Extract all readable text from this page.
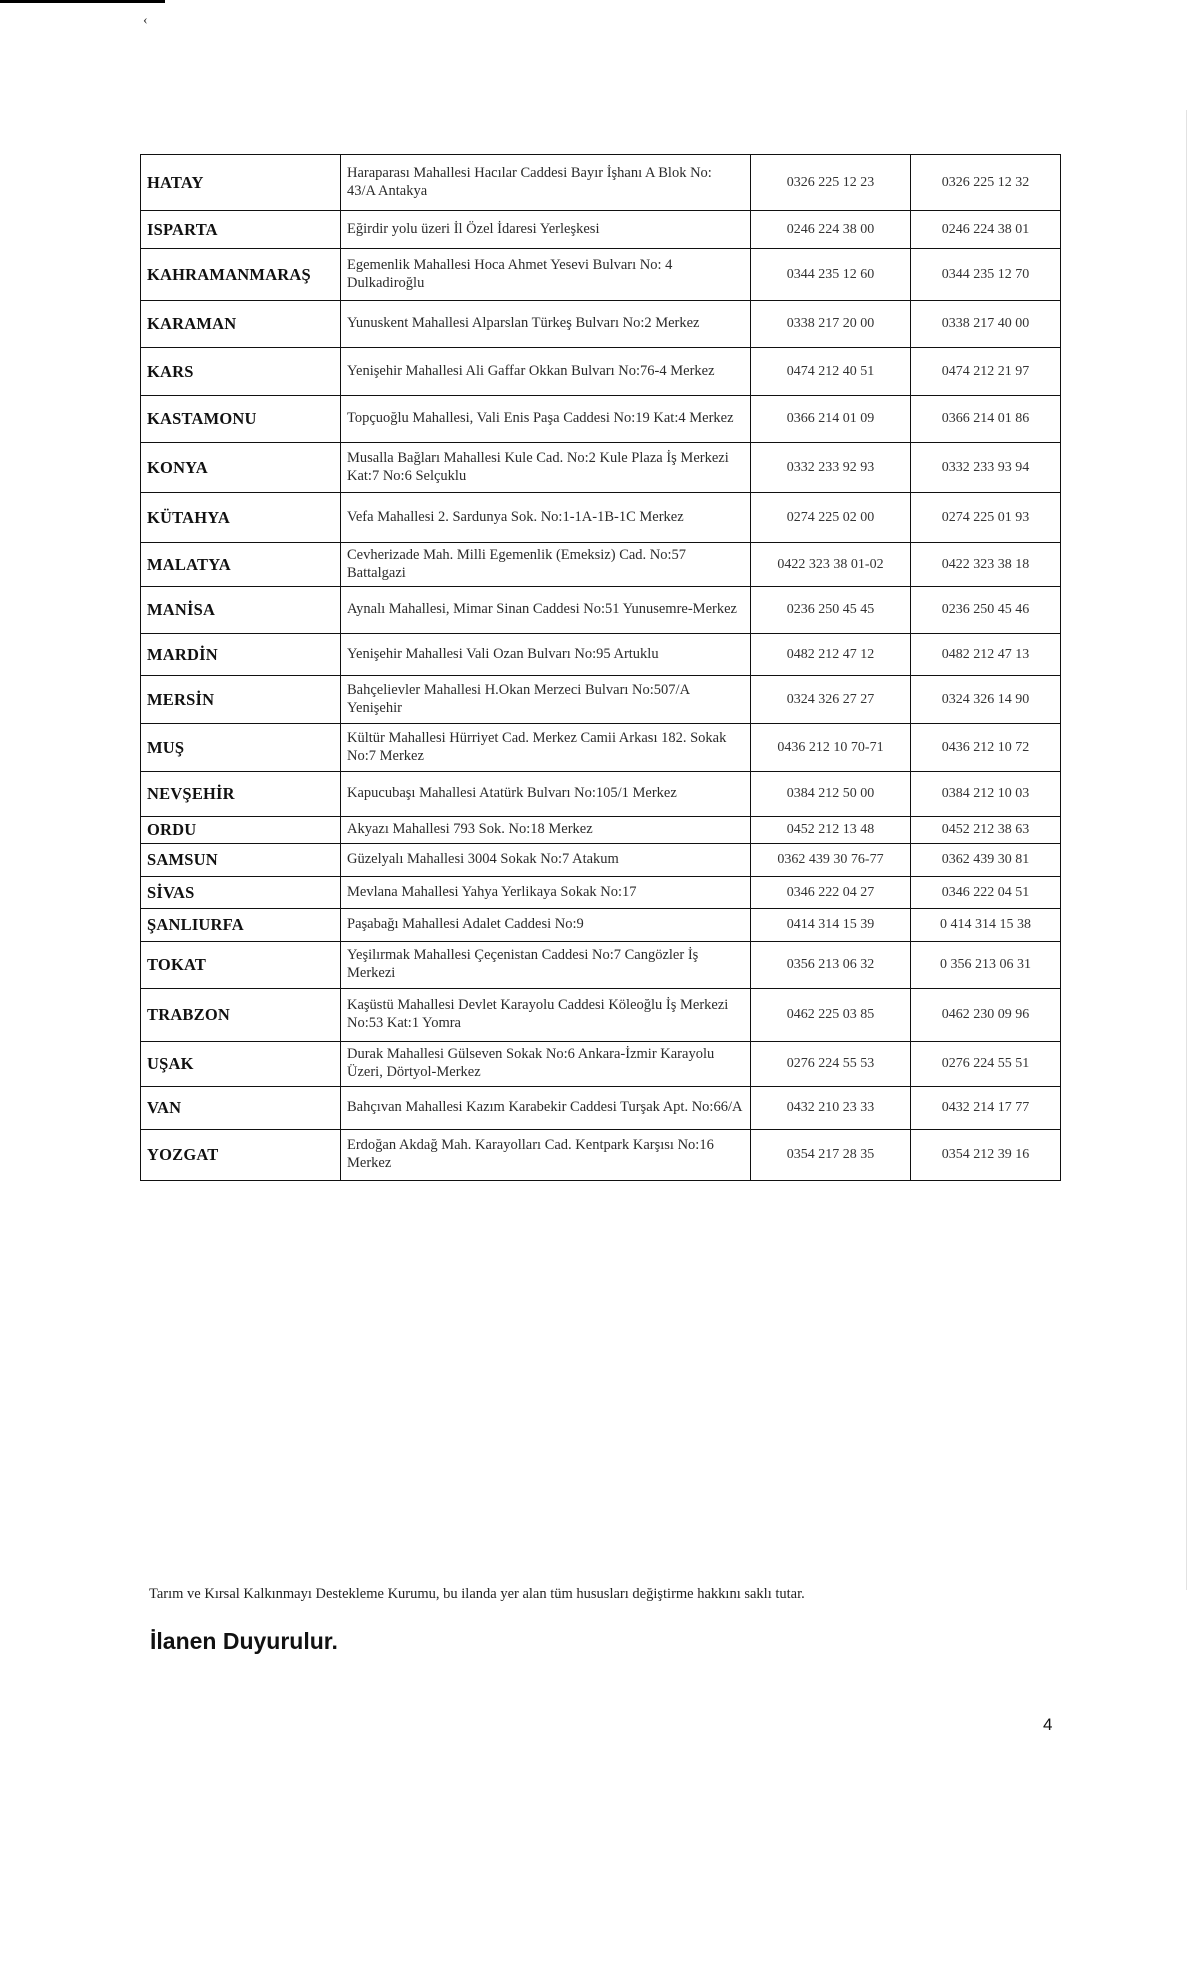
‹
HATAY	Haraparası Mahallesi Hacılar Caddesi Bayır İşhanı A Blok No: 43/A Antakya	0326 225 12 23	0326 225 12 32
ISPARTA	Eğirdir yolu üzeri İl Özel İdaresi Yerleşkesi	0246 224 38 00	0246 224 38 01
KAHRAMANMARAŞ	Egemenlik Mahallesi Hoca Ahmet Yesevi Bulvarı No: 4 Dulkadiroğlu	0344 235 12 60	0344 235 12 70
KARAMAN	Yunuskent Mahallesi Alparslan Türkeş Bulvarı No:2 Merkez	0338 217 20 00	0338 217 40 00
KARS	Yenişehir Mahallesi Ali Gaffar Okkan Bulvarı No:76-4 Merkez	0474 212 40 51	0474 212 21 97
KASTAMONU	Topçuoğlu Mahallesi, Vali Enis Paşa Caddesi No:19 Kat:4 Merkez	0366 214 01 09	0366 214 01 86
KONYA	Musalla Bağları Mahallesi Kule Cad. No:2 Kule Plaza İş Merkezi Kat:7 No:6 Selçuklu	0332 233 92 93	0332 233 93 94
KÜTAHYA	Vefa Mahallesi 2. Sardunya Sok. No:1-1A-1B-1C Merkez	0274 225 02 00	0274 225 01 93
MALATYA	Cevherizade Mah. Milli Egemenlik (Emeksiz) Cad. No:57 Battalgazi	0422 323 38 01-02	0422 323 38 18
MANİSA	Aynalı Mahallesi, Mimar Sinan Caddesi No:51 Yunusemre-Merkez	0236 250 45 45	0236 250 45 46
MARDİN	Yenişehir Mahallesi Vali Ozan Bulvarı No:95 Artuklu	0482 212 47 12	0482 212 47 13
MERSİN	Bahçelievler Mahallesi H.Okan Merzeci Bulvarı No:507/A Yenişehir	0324 326 27 27	0324 326 14 90
MUŞ	Kültür Mahallesi Hürriyet Cad. Merkez Camii Arkası 182. Sokak No:7 Merkez	0436 212 10 70-71	0436 212 10 72
NEVŞEHİR	Kapucubaşı Mahallesi Atatürk Bulvarı No:105/1 Merkez	0384 212 50 00	0384 212 10 03
ORDU	Akyazı Mahallesi 793 Sok. No:18 Merkez	0452 212 13 48	0452 212 38 63
SAMSUN	Güzelyalı Mahallesi 3004 Sokak No:7 Atakum	0362 439 30 76-77	0362 439 30 81
SİVAS	Mevlana Mahallesi Yahya Yerlikaya Sokak No:17	0346 222 04 27	0346 222 04 51
ŞANLIURFA	Paşabağı Mahallesi Adalet Caddesi No:9	0414 314 15 39	0 414 314 15 38
TOKAT	Yeşilırmak Mahallesi Çeçenistan Caddesi No:7 Cangözler İş Merkezi	0356 213 06 32	0 356 213 06 31
TRABZON	Kaşüstü Mahallesi Devlet Karayolu Caddesi Köleoğlu İş Merkezi No:53 Kat:1 Yomra	0462 225 03 85	0462 230 09 96
UŞAK	Durak Mahallesi Gülseven Sokak No:6 Ankara-İzmir Karayolu Üzeri, Dörtyol-Merkez	0276 224 55 53	0276 224 55 51
VAN	Bahçıvan Mahallesi Kazım Karabekir Caddesi Turşak Apt. No:66/A	0432 210 23 33	0432 214 17 77
YOZGAT	Erdoğan Akdağ Mah. Karayolları Cad. Kentpark Karşısı No:16 Merkez	0354 217 28 35	0354 212 39 16
Tarım ve Kırsal Kalkınmayı Destekleme Kurumu, bu ilanda yer alan tüm hususları değiştirme hakkını saklı tutar.
İlanen Duyurulur.
4
